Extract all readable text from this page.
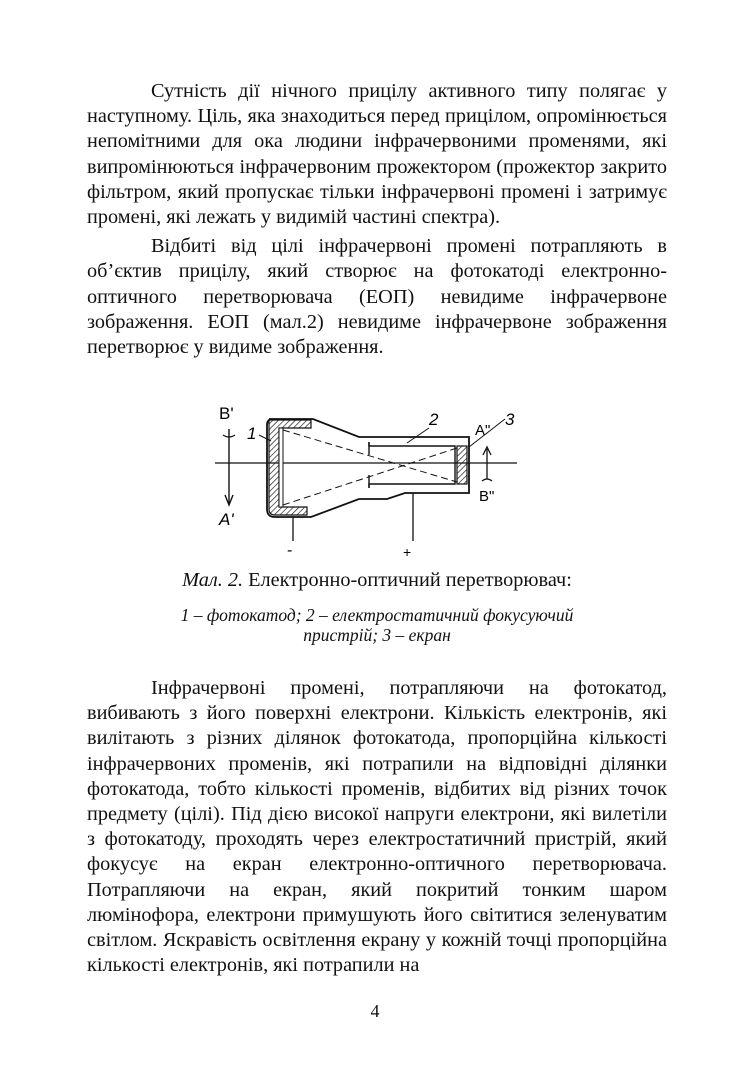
Сутність дії нічного прицілу активного типу полягає у наступному. Ціль, яка знаходиться перед прицілом, опромінюється непомітними для ока людини інфрачервоними променями, які випромінюються інфрачервоним прожектором (прожектор закрито фільтром, який пропускає тільки інфрачервоні промені і затримує промені, які лежать у видимій частині спектра).

Відбиті від цілі інфрачервоні промені потрапляють в об’єктив прицілу, який створює на фотокатоді електронно-оптичного перетворювача (ЕОП) невидиме інфрачервоне зображення. ЕОП (мал.2) невидиме інфрачервоне зображення перетворює у видиме зображення.

B'
A'
1
2
A"
3
B"
-	+
Мал. 2. Електронно-оптичний перетворювач:
1 – фотокатод; 2 – електростатичний фокусуючий
пристрій; 3 – екран

Інфрачервоні промені, потрапляючи на фотокатод, вибивають з його поверхні електрони. Кількість електронів, які вилітають з різних ділянок фотокатода, пропорційна кількості інфрачервоних променів, які потрапили на відповідні ділянки фотокатода, тобто кількості променів, відбитих від різних точок предмету (цілі). Під дією високої напруги електрони, які вилетіли з фотокатоду, проходять через електростатичний пристрій, який фокусує на екран електронно-оптичного перетворювача. Потрапляючи на екран, який покритий тонким шаром люмінофора, електрони примушують його світитися зеленуватим світлом. Яскравість освітлення екрану у кожній точці пропорційна кількості електронів, які потрапили на

4
